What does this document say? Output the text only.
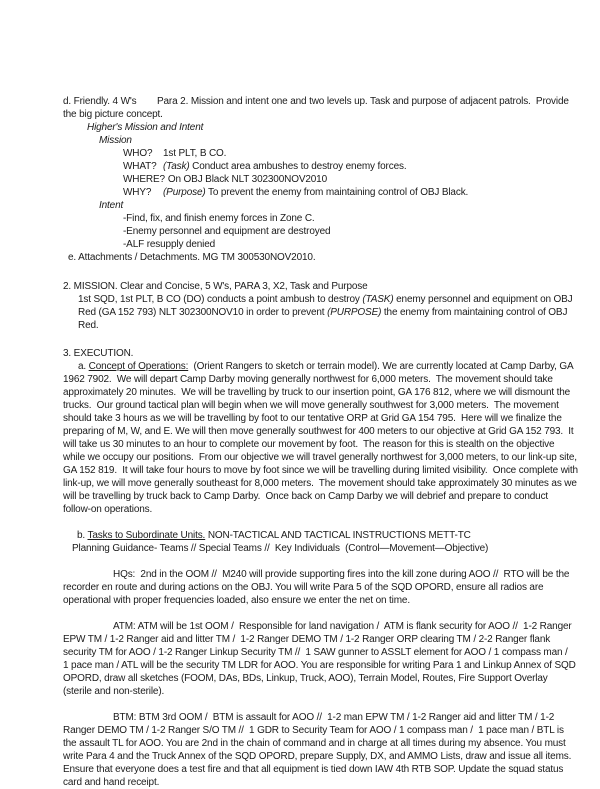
d. Friendly. 4 W's Para 2. Mission and intent one and two levels up. Task and purpose of adjacent patrols.  Provide the big picture concept.

Higher's Mission and Intent

Mission

WHO? 1st PLT, B CO.

WHAT? (Task) Conduct area ambushes to destroy enemy forces.

WHERE? On OBJ Black NLT 302300NOV2010

WHY? (Purpose) To prevent the enemy from maintaining control of OBJ Black.

Intent

-Find, fix, and finish enemy forces in Zone C.

-Enemy personnel and equipment are destroyed

-ALF resupply denied

e. Attachments / Detachments. MG TM 300530NOV2010.

2. MISSION. Clear and Concise, 5 W's, PARA 3, X2, Task and Purpose

1st SQD, 1st PLT, B CO (DO) conducts a point ambush to destroy (TASK) enemy personnel and equipment on OBJ Red (GA 152 793) NLT 302300NOV10 in order to prevent (PURPOSE) the enemy from maintaining control of OBJ Red.

3. EXECUTION.

a. Concept of Operations:  (Orient Rangers to sketch or terrain model). We are currently located at Camp Darby, GA 1962 7902.  We will depart Camp Darby moving generally northwest for 6,000 meters.  The movement should take approximately 20 minutes.  We will be travelling by truck to our insertion point, GA 176 812, where we will dismount the trucks.  Our ground tactical plan will begin when we will move generally southwest for 3,000 meters.  The movement should take 3 hours as we will be travelling by foot to our tentative ORP at Grid GA 154 795.  Here will we finalize the preparing of M, W, and E. We will then move generally southwest for 400 meters to our objective at Grid GA 152 793.  It will take us 30 minutes to an hour to complete our movement by foot.  The reason for this is stealth on the objective while we occupy our positions.  From our objective we will travel generally northwest for 3,000 meters, to our link-up site, GA 152 819.  It will take four hours to move by foot since we will be travelling during limited visibility.  Once complete with link-up, we will move generally southeast for 8,000 meters.  The movement should take approximately 30 minutes as we will be travelling by truck back to Camp Darby.  Once back on Camp Darby we will debrief and prepare to conduct follow-on operations.

b. Tasks to Subordinate Units. NON-TACTICAL AND TACTICAL INSTRUCTIONS METT-TC

Planning Guidance- Teams // Special Teams //  Key Individuals  (Control—Movement—Objective)

HQs:  2nd in the OOM //  M240 will provide supporting fires into the kill zone during AOO //  RTO will be the recorder en route and during actions on the OBJ. You will write Para 5 of the SQD OPORD, ensure all radios are operational with proper frequencies loaded, also ensure we enter the net on time.

ATM: ATM will be 1st OOM /  Responsible for land navigation /  ATM is flank security for AOO //  1-2 Ranger EPW TM / 1-2 Ranger aid and litter TM /  1-2 Ranger DEMO TM / 1-2 Ranger ORP clearing TM / 2-2 Ranger flank security TM for AOO / 1-2 Ranger Linkup Security TM //  1 SAW gunner to ASSLT element for AOO / 1 compass man /  1 pace man / ATL will be the security TM LDR for AOO. You are responsible for writing Para 1 and Linkup Annex of SQD OPORD, draw all sketches (FOOM, DAs, BDs, Linkup, Truck, AOO), Terrain Model, Routes, Fire Support Overlay (sterile and non-sterile).

BTM: BTM 3rd OOM /  BTM is assault for AOO //  1-2 man EPW TM / 1-2 Ranger aid and litter TM / 1-2 Ranger DEMO TM / 1-2 Ranger S/O TM //  1 GDR to Security Team for AOO / 1 compass man /  1 pace man / BTL is the assault TL for AOO. You are 2nd in the chain of command and in charge at all times during my absence. You must write Para 4 and the Truck Annex of the SQD OPORD, prepare Supply, DX, and AMMO Lists, draw and issue all items. Ensure that everyone does a test fire and that all equipment is tied down IAW 4th RTB SOP. Update the squad status card and hand receipt.
